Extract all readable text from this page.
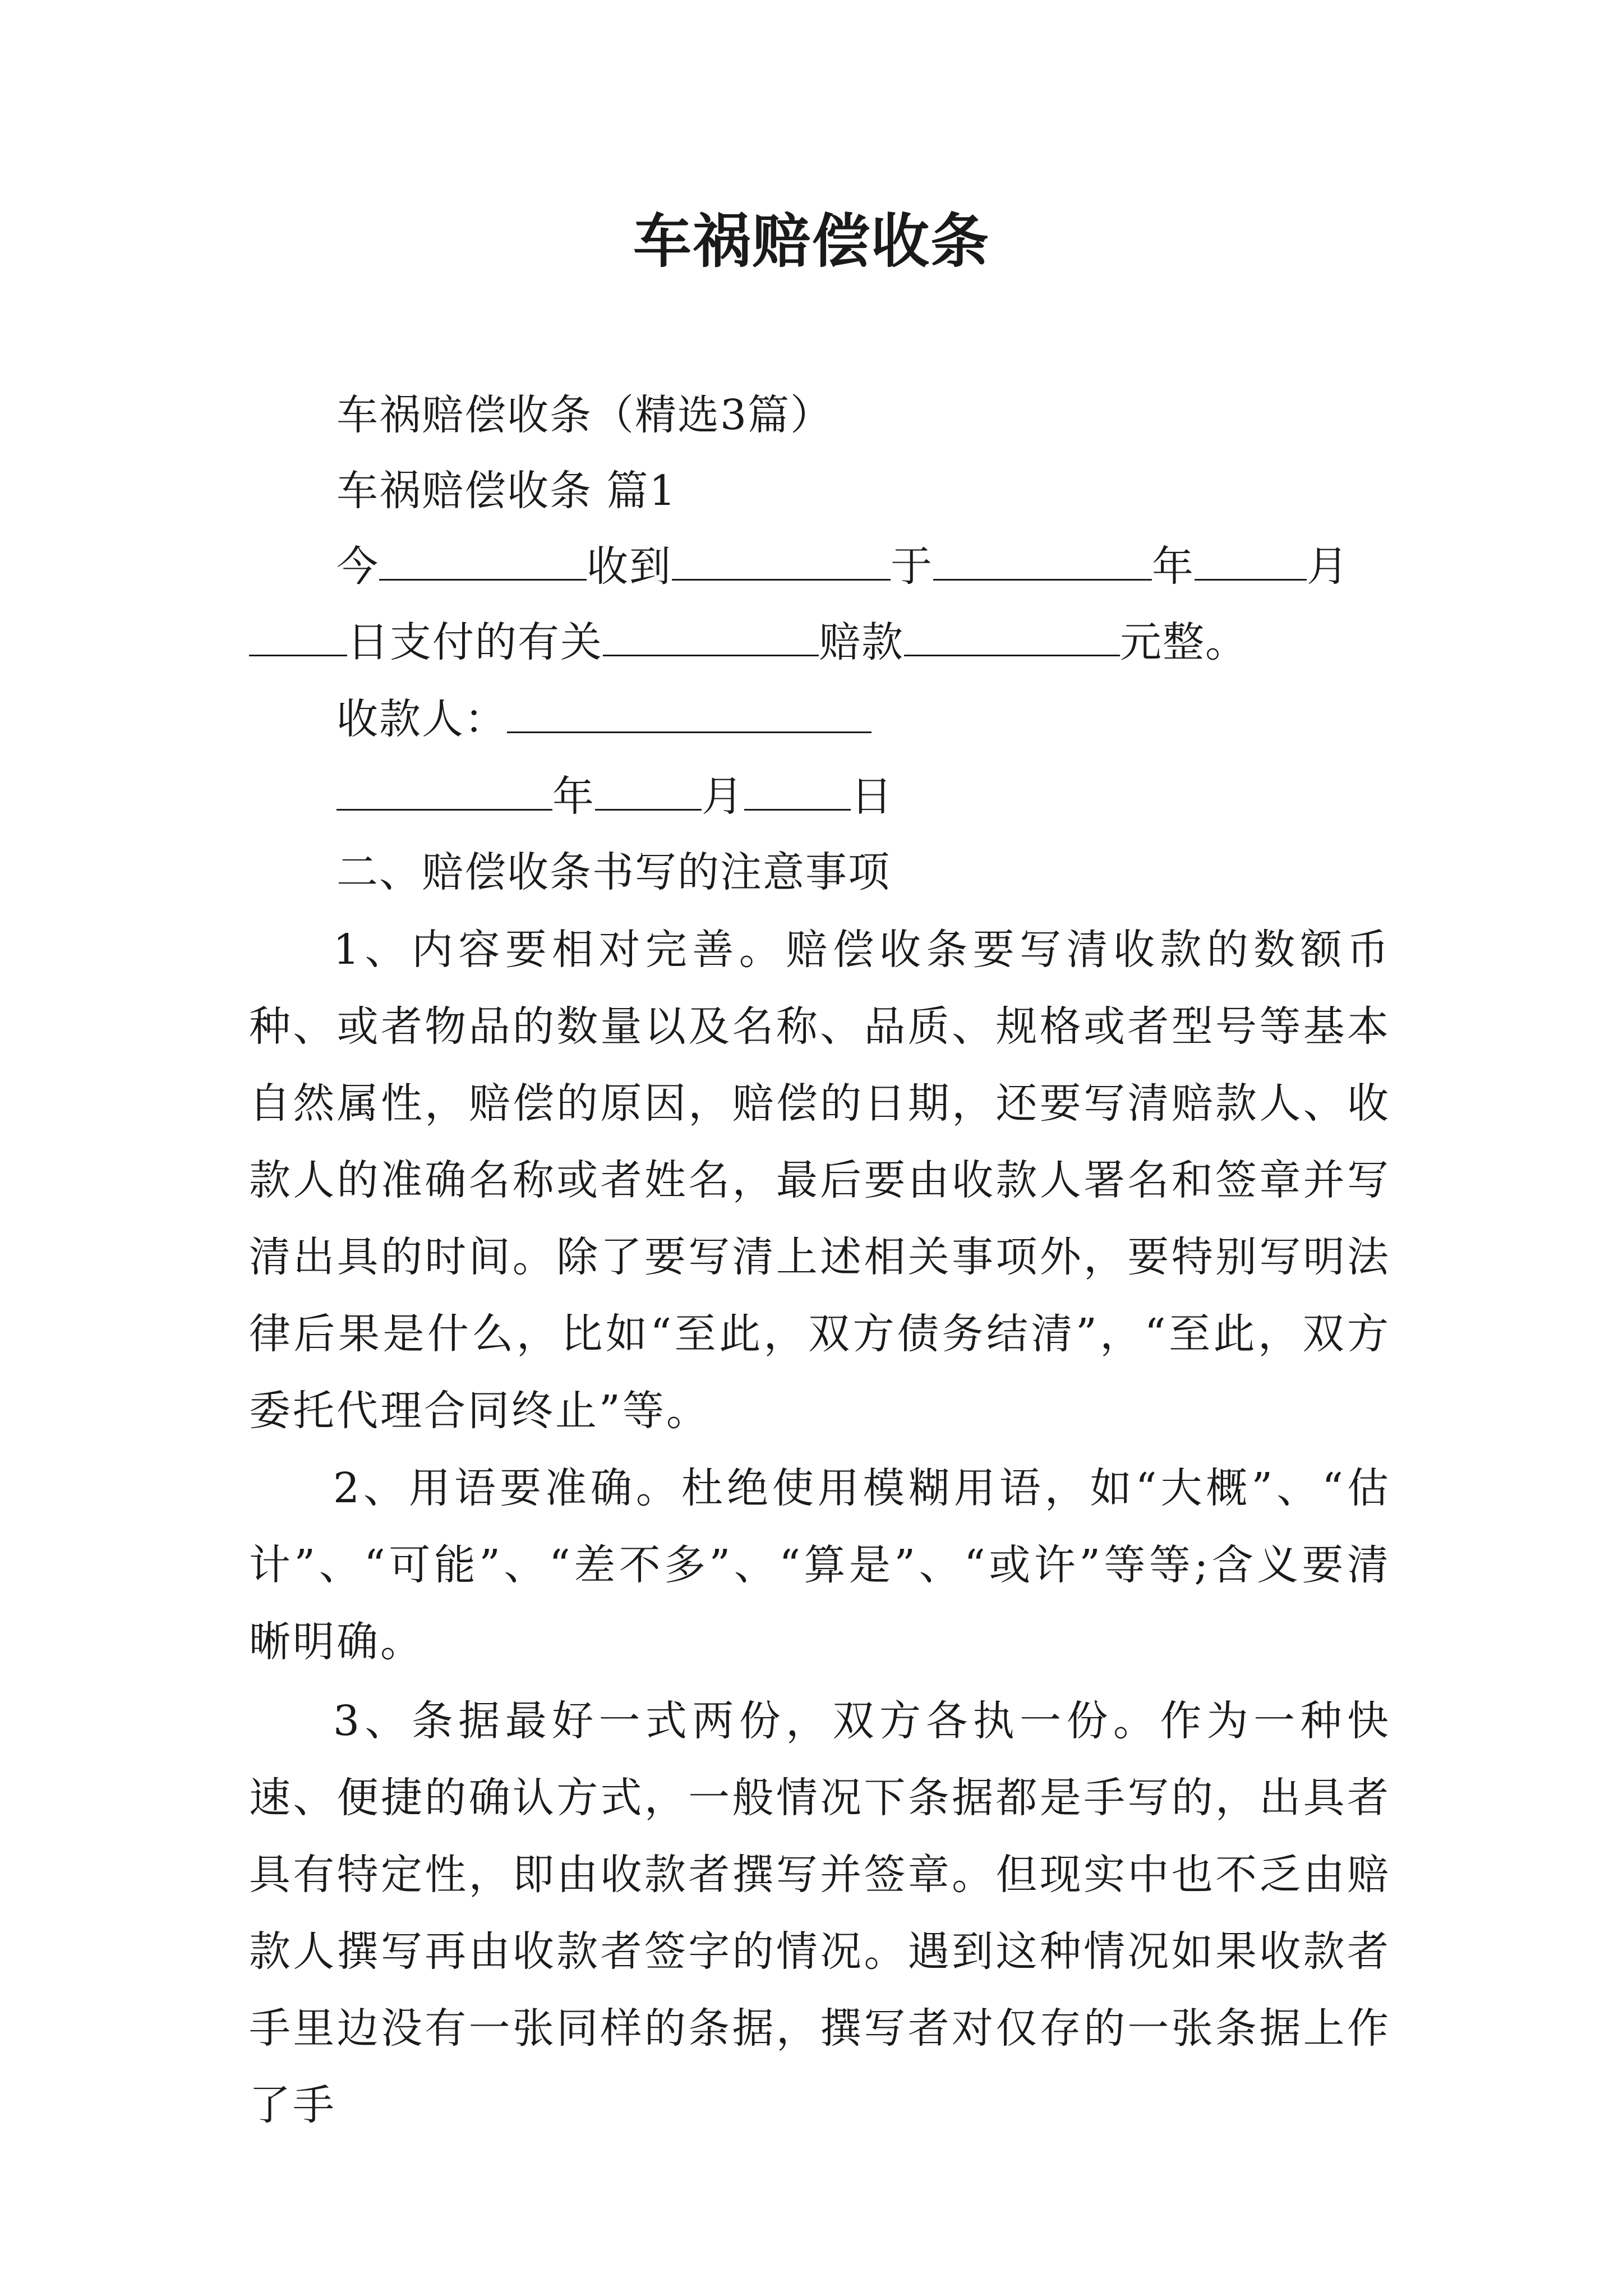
车祸赔偿收条
车祸赔偿收条（精选3篇）
车祸赔偿收条 篇1
今	收到	于	年	月
日支付的有关	赔款	元整。
收款人：
年	月	日
二、赔偿收条书写的注意事项

1、内容要相对完善。赔偿收条要写清收款的数额币种、或者物品的数量以及名称、品质、规格或者型号等基本自然属性，赔偿的原因，赔偿的日期，还要写清赔款人、收款人的准确名称或者姓名，最后要由收款人署名和签章并写清出具的时间。除了要写清上述相关事项外，要特别写明法律后果是什么，比如“至此，双方债务结清”，“至此，双方委托代理合同终止”等。

2、用语要准确。杜绝使用模糊用语，如“大概”、“估计”、“可能”、“差不多”、“算是”、“或许”等等;含义要清晰明确。

3、条据最好一式两份，双方各执一份。作为一种快速、便捷的确认方式，一般情况下条据都是手写的，出具者具有特定性，即由收款者撰写并签章。但现实中也不乏由赔款人撰写再由收款者签字的情况。遇到这种情况如果收款者手里边没有一张同样的条据，撰写者对仅存的一张条据上作了手
